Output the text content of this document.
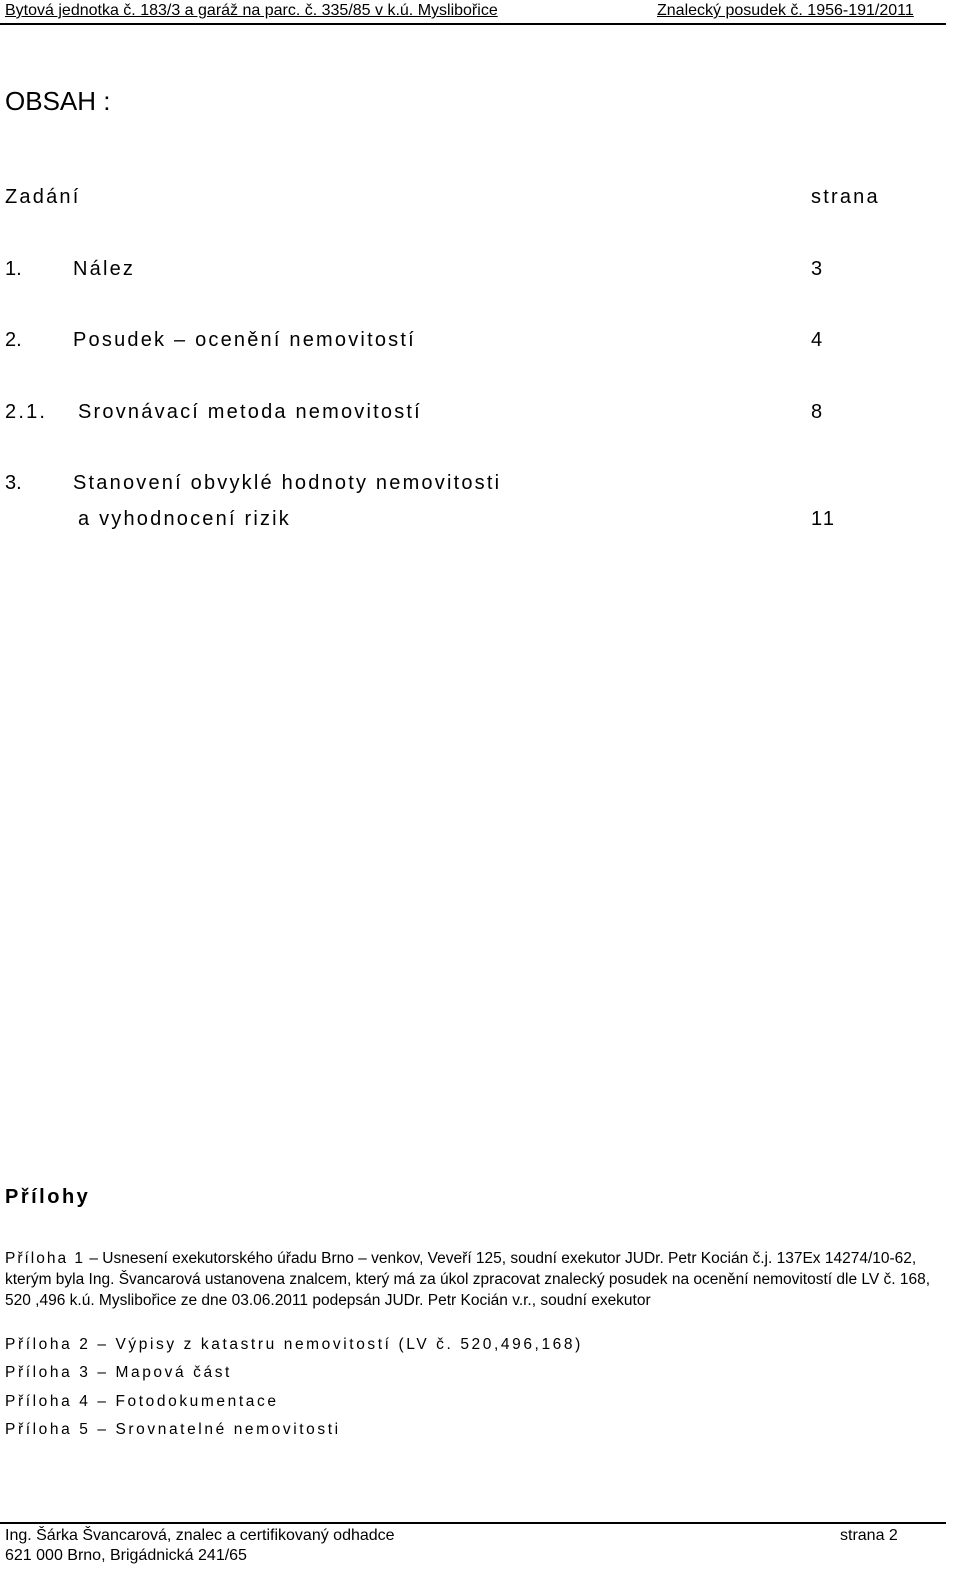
Bytová jednotka č. 183/3 a garáž na parc. č. 335/85 v k.ú. Myslibořice	Znalecký posudek č. 1956-191/2011
OBSAH :
Zadání	strana
1.	Nález	3
2.	Posudek – ocenění nemovitostí	4
2.1. Srovnávací metoda nemovitostí	8
3.	Stanovení obvyklé hodnoty nemovitosti
a vyhodnocení rizik	11
Přílohy
Příloha 1 – Usnesení exekutorského úřadu Brno – venkov, Veveří 125, soudní exekutor JUDr. Petr Kocián č.j. 137Ex 14274/10-62, kterým byla Ing. Švancarová ustanovena znalcem, který má za úkol zpracovat znalecký posudek na ocenění nemovitostí dle LV č. 168, 520 ,496 k.ú. Myslibořice ze dne 03.06.2011 podepsán JUDr. Petr Kocián v.r., soudní exekutor
Příloha 2 – Výpisy z katastru nemovitostí (LV č. 520,496,168)
Příloha 3 – Mapová část
Příloha 4 – Fotodokumentace
Příloha 5 – Srovnatelné nemovitosti
Ing. Šárka Švancarová, znalec a certifikovaný odhadce	strana 2
621 000 Brno, Brigádnická 241/65
